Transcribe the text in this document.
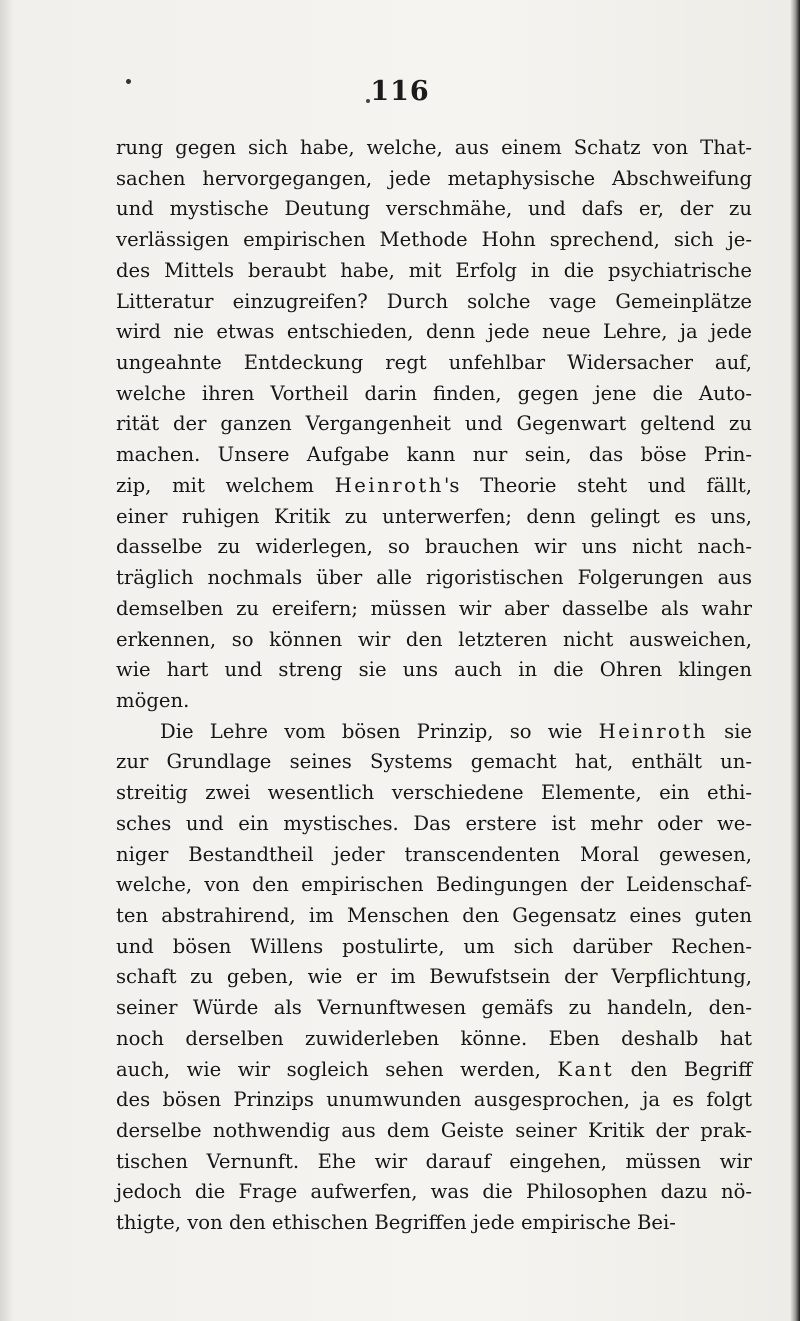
116
rung gegen sich habe, welche, aus einem Schatz von That-
sachen hervorgegangen, jede metaphysische Abschweifung
und mystische Deutung verschmähe, und dafs er, der zu
verlässigen empirischen Methode Hohn sprechend, sich je-
des Mittels beraubt habe, mit Erfolg in die psychiatrische
Litteratur einzugreifen? Durch solche vage Gemeinplätze
wird nie etwas entschieden, denn jede neue Lehre, ja jede
ungeahnte Entdeckung regt unfehlbar Widersacher auf,
welche ihren Vortheil darin finden, gegen jene die Auto-
rität der ganzen Vergangenheit und Gegenwart geltend zu
machen. Unsere Aufgabe kann nur sein, das böse Prin-
zip, mit welchem Heinroth's Theorie steht und fällt,
einer ruhigen Kritik zu unterwerfen; denn gelingt es uns,
dasselbe zu widerlegen, so brauchen wir uns nicht nach-
träglich nochmals über alle rigoristischen Folgerungen aus
demselben zu ereifern; müssen wir aber dasselbe als wahr
erkennen, so können wir den letzteren nicht ausweichen,
wie hart und streng sie uns auch in die Ohren klingen
mögen.
Die Lehre vom bösen Prinzip, so wie Heinroth sie
zur Grundlage seines Systems gemacht hat, enthält un-
streitig zwei wesentlich verschiedene Elemente, ein ethi-
sches und ein mystisches. Das erstere ist mehr oder we-
niger Bestandtheil jeder transcendenten Moral gewesen,
welche, von den empirischen Bedingungen der Leidenschaf-
ten abstrahirend, im Menschen den Gegensatz eines guten
und bösen Willens postulirte, um sich darüber Rechen-
schaft zu geben, wie er im Bewufstsein der Verpflichtung,
seiner Würde als Vernunftwesen gemäfs zu handeln, den-
noch derselben zuwiderleben könne. Eben deshalb hat
auch, wie wir sogleich sehen werden, Kant den Begriff
des bösen Prinzips unumwunden ausgesprochen, ja es folgt
derselbe nothwendig aus dem Geiste seiner Kritik der prak-
tischen Vernunft. Ehe wir darauf eingehen, müssen wir
jedoch die Frage aufwerfen, was die Philosophen dazu nö-
thigte, von den ethischen Begriffen jede empirische Bei-
